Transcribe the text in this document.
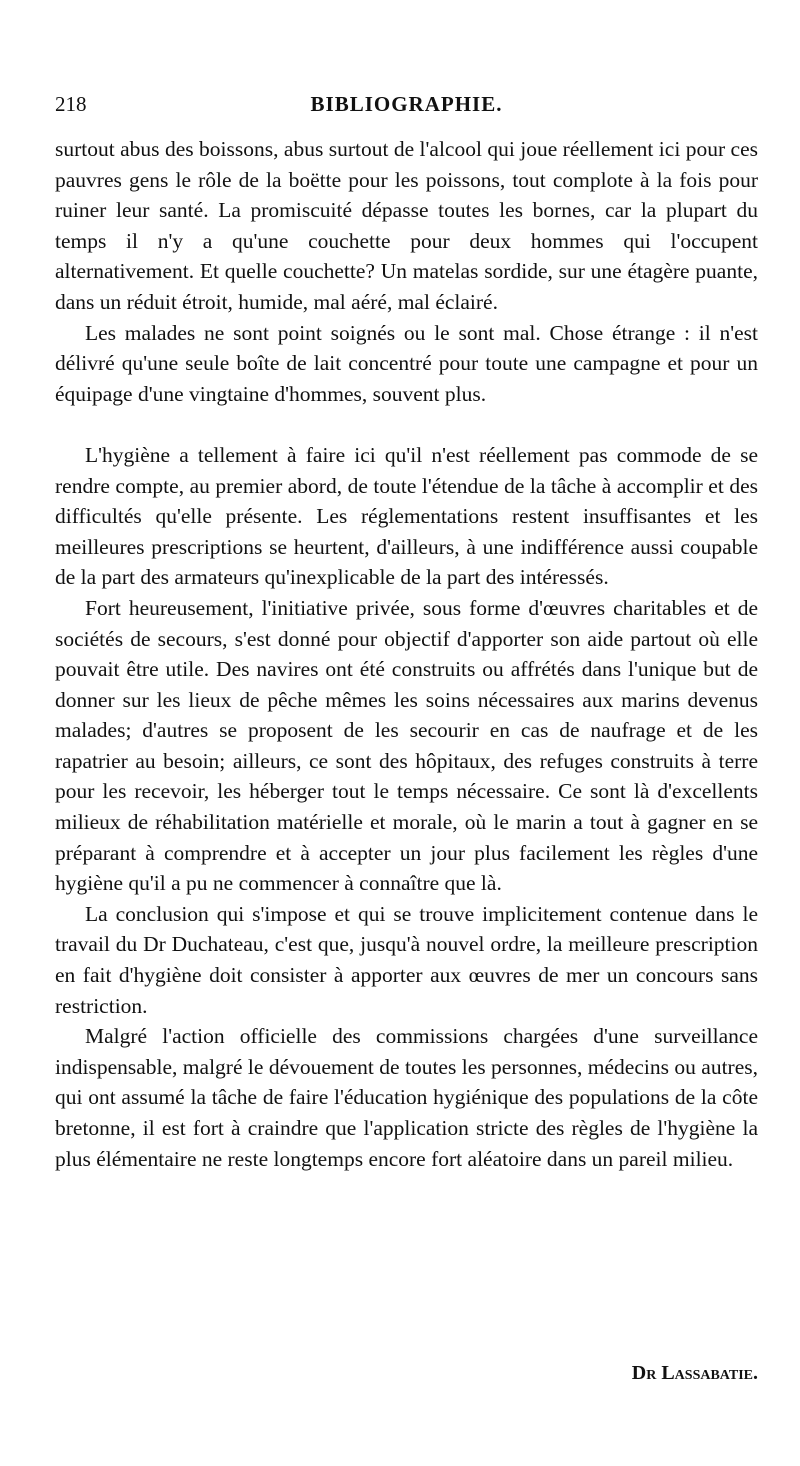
218	BIBLIOGRAPHIE.

surtout abus des boissons, abus surtout de l'alcool qui joue réellement ici pour ces pauvres gens le rôle de la boëtte pour les poissons, tout complote à la fois pour ruiner leur santé. La promiscuité dépasse toutes les bornes, car la plupart du temps il n'y a qu'une couchette pour deux hommes qui l'occupent alternativement. Et quelle couchette? Un matelas sordide, sur une étagère puante, dans un réduit étroit, humide, mal aéré, mal éclairé.

Les malades ne sont point soignés ou le sont mal. Chose étrange : il n'est délivré qu'une seule boîte de lait concentré pour toute une campagne et pour un équipage d'une vingtaine d'hommes, souvent plus.

L'hygiène a tellement à faire ici qu'il n'est réellement pas commode de se rendre compte, au premier abord, de toute l'étendue de la tâche à accomplir et des difficultés qu'elle présente. Les réglementations restent insuffisantes et les meilleures prescriptions se heurtent, d'ailleurs, à une indifférence aussi coupable de la part des armateurs qu'inexplicable de la part des intéressés.

Fort heureusement, l'initiative privée, sous forme d'œuvres charitables et de sociétés de secours, s'est donné pour objectif d'apporter son aide partout où elle pouvait être utile. Des navires ont été construits ou affrétés dans l'unique but de donner sur les lieux de pêche mêmes les soins nécessaires aux marins devenus malades; d'autres se proposent de les secourir en cas de naufrage et de les rapatrier au besoin; ailleurs, ce sont des hôpitaux, des refuges construits à terre pour les recevoir, les héberger tout le temps nécessaire. Ce sont là d'excellents milieux de réhabilitation matérielle et morale, où le marin a tout à gagner en se préparant à comprendre et à accepter un jour plus facilement les règles d'une hygiène qu'il a pu ne commencer à connaître que là.

La conclusion qui s'impose et qui se trouve implicitement contenue dans le travail du Dr Duchateau, c'est que, jusqu'à nouvel ordre, la meilleure prescription en fait d'hygiène doit consister à apporter aux œuvres de mer un concours sans restriction.

Malgré l'action officielle des commissions chargées d'une surveillance indispensable, malgré le dévouement de toutes les personnes, médecins ou autres, qui ont assumé la tâche de faire l'éducation hygiénique des populations de la côte bretonne, il est fort à craindre que l'application stricte des règles de l'hygiène la plus élémentaire ne reste longtemps encore fort aléatoire dans un pareil milieu.

Dr Lassabatie.
